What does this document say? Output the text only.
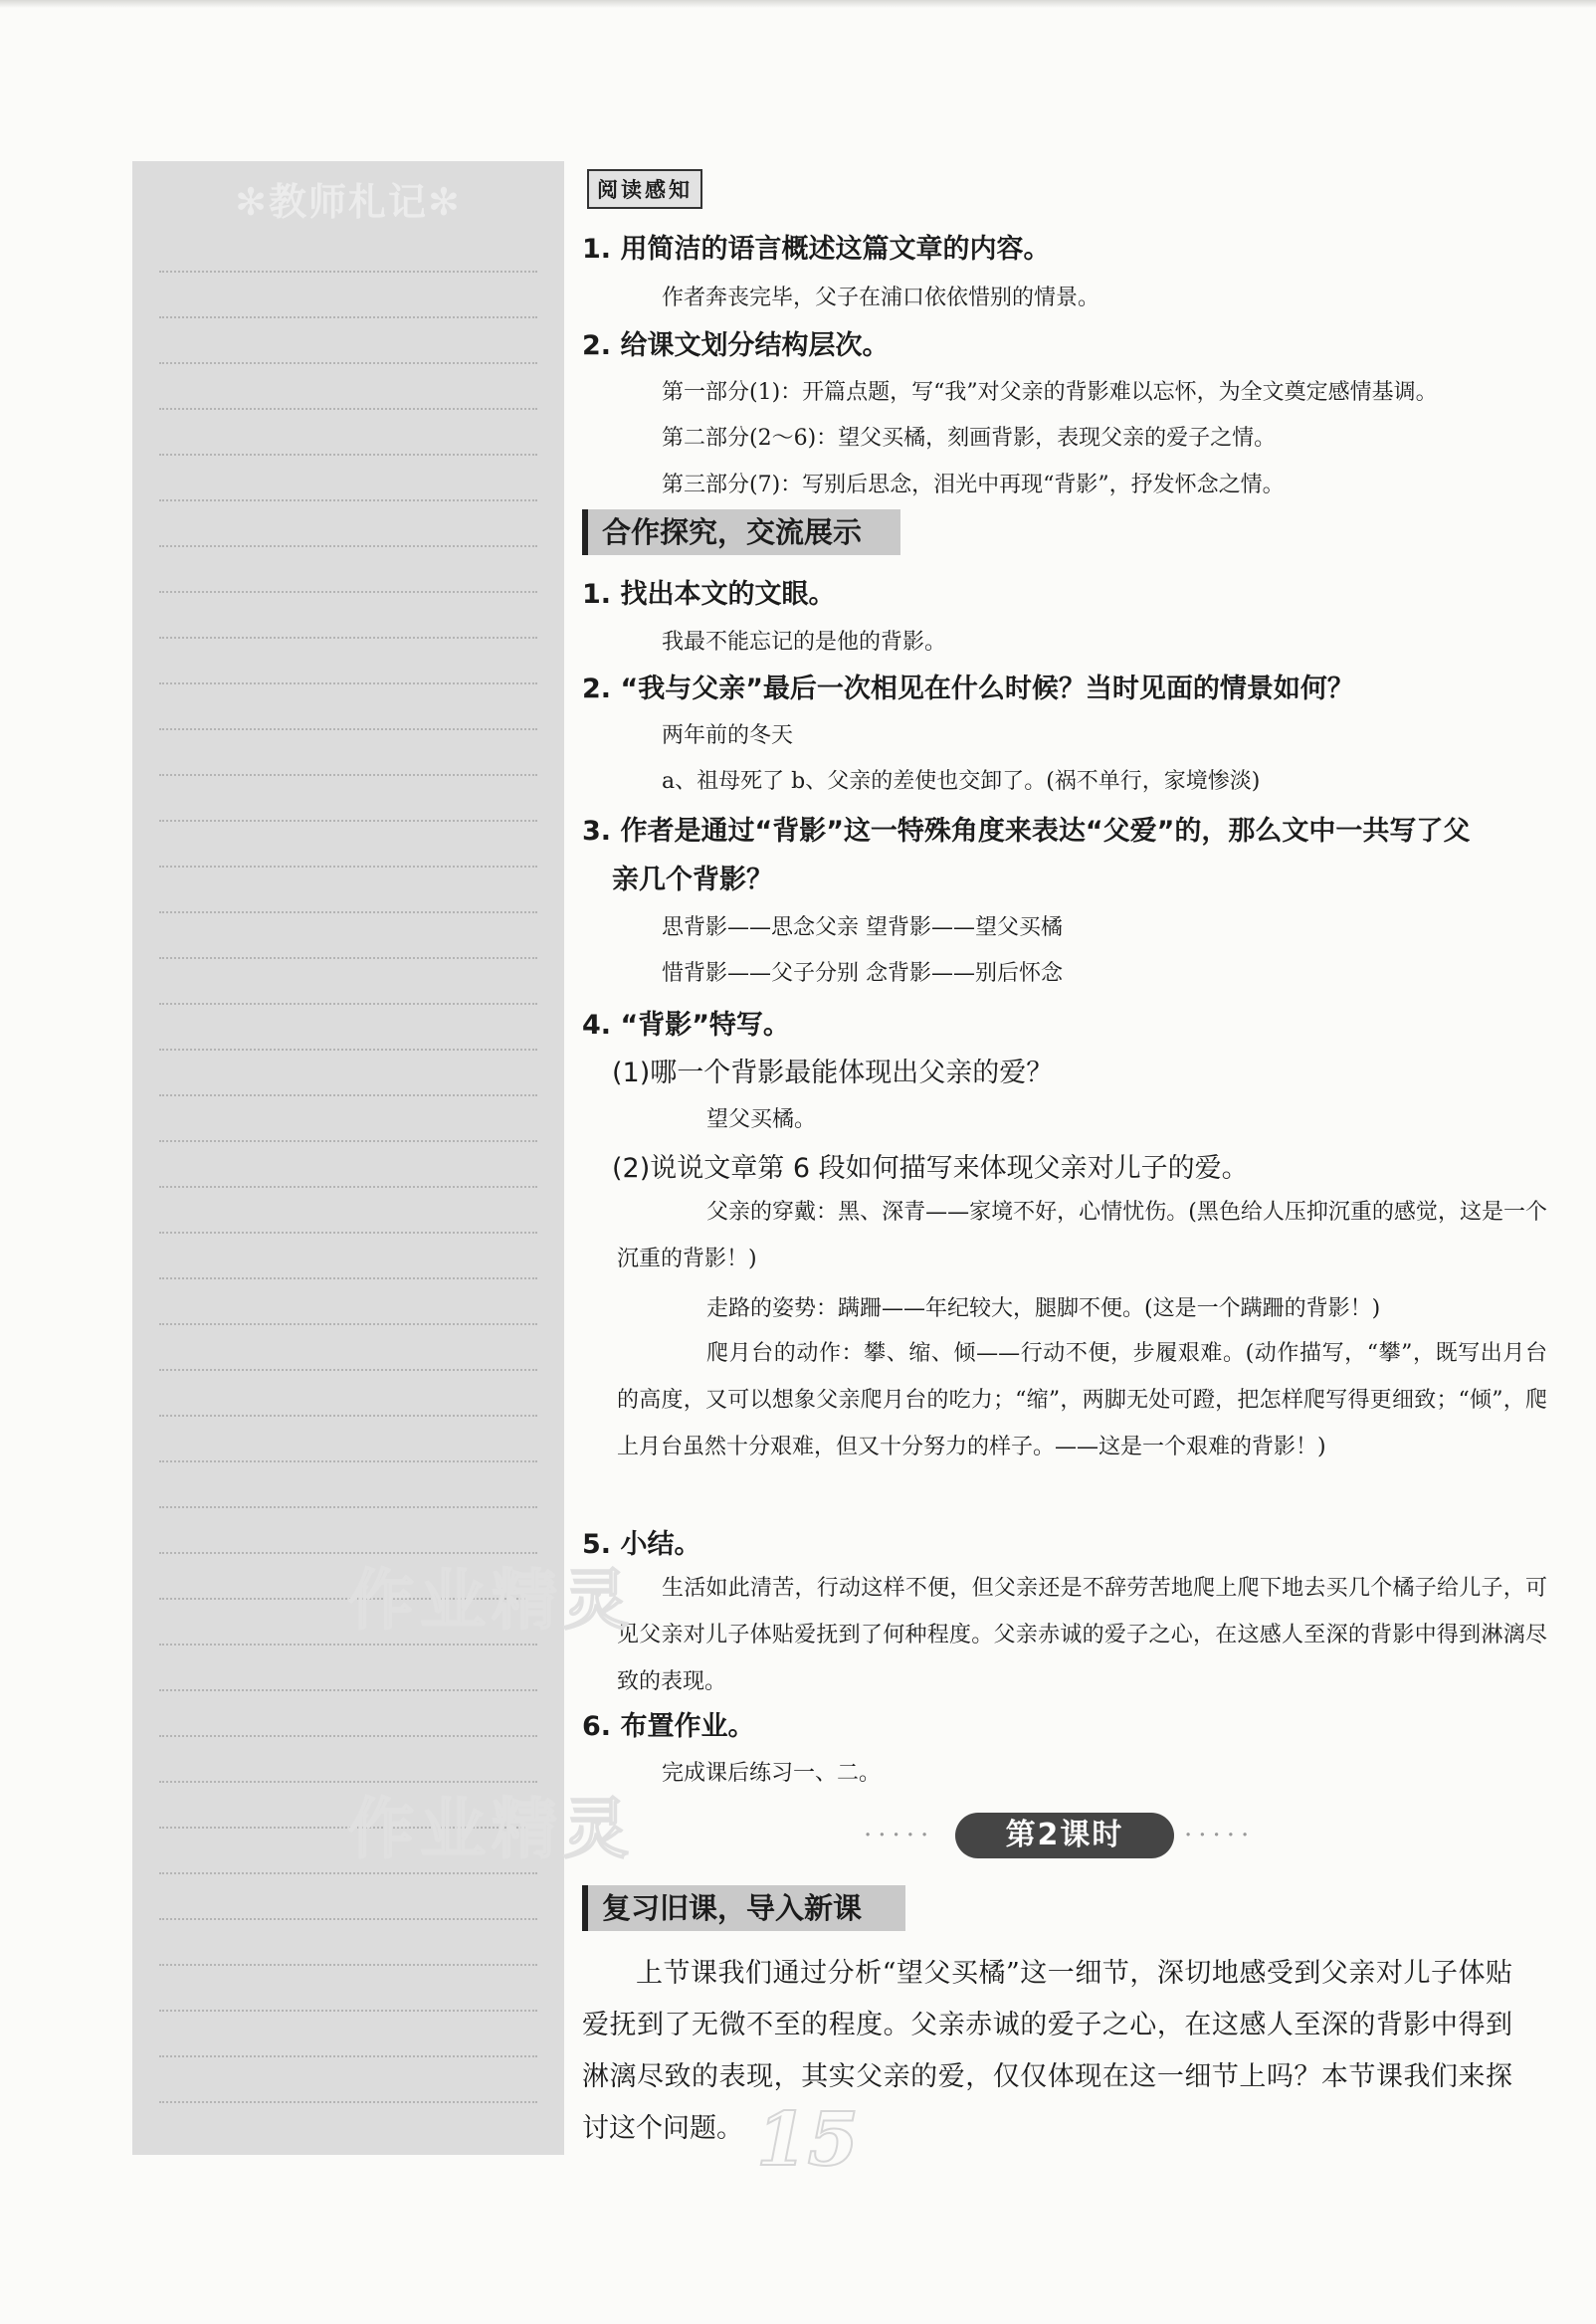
✻教师札记✻	阅读感知
1. 用简洁的语言概述这篇文章的内容。
作者奔丧完毕，父子在浦口依依惜别的情景。
2. 给课文划分结构层次。
第一部分(1)：开篇点题，写“我”对父亲的背影难以忘怀，为全文奠定感情基调。
第二部分(2～6)：望父买橘，刻画背影，表现父亲的爱子之情。
第三部分(7)：写别后思念，泪光中再现“背影”，抒发怀念之情。
合作探究，交流展示
1. 找出本文的文眼。
我最不能忘记的是他的背影。
2. “我与父亲”最后一次相见在什么时候？当时见面的情景如何？
两年前的冬天
a、祖母死了 b、父亲的差使也交卸了。(祸不单行，家境惨淡)
3. 作者是通过“背影”这一特殊角度来表达“父爱”的，那么文中一共写了父
亲几个背影？
思背影——思念父亲 望背影——望父买橘
惜背影——父子分别 念背影——别后怀念
4. “背影”特写。
(1)哪一个背影最能体现出父亲的爱？
望父买橘。
(2)说说文章第 6 段如何描写来体现父亲对儿子的爱。
父亲的穿戴：黑、深青——家境不好，心情忧伤。(黑色给人压抑沉重的感觉，这是一个沉重的背影！)
走路的姿势：蹒跚——年纪较大，腿脚不便。(这是一个蹒跚的背影！)
爬月台的动作：攀、缩、倾——行动不便，步履艰难。(动作描写，“攀”，既写出月台的高度，又可以想象父亲爬月台的吃力；“缩”，两脚无处可蹬，把怎样爬写得更细致；“倾”，爬上月台虽然十分艰难，但又十分努力的样子。——这是一个艰难的背影！)
5. 小结。
生活如此清苦，行动这样不便，但父亲还是不辞劳苦地爬上爬下地去买几个橘子给儿子，可见父亲对儿子体贴爱抚到了何种程度。父亲赤诚的爱子之心，在这感人至深的背影中得到淋漓尽致的表现。
6. 布置作业。
完成课后练习一、二。
作业精灵
作业精灵	·····	第2课时	·····
复习旧课，导入新课
上节课我们通过分析“望父买橘”这一细节，深切地感受到父亲对儿子体贴爱抚到了无微不至的程度。父亲赤诚的爱子之心，在这感人至深的背影中得到淋漓尽致的表现，其实父亲的爱，仅仅体现在这一细节上吗？本节课我们来探讨这个问题。 15
